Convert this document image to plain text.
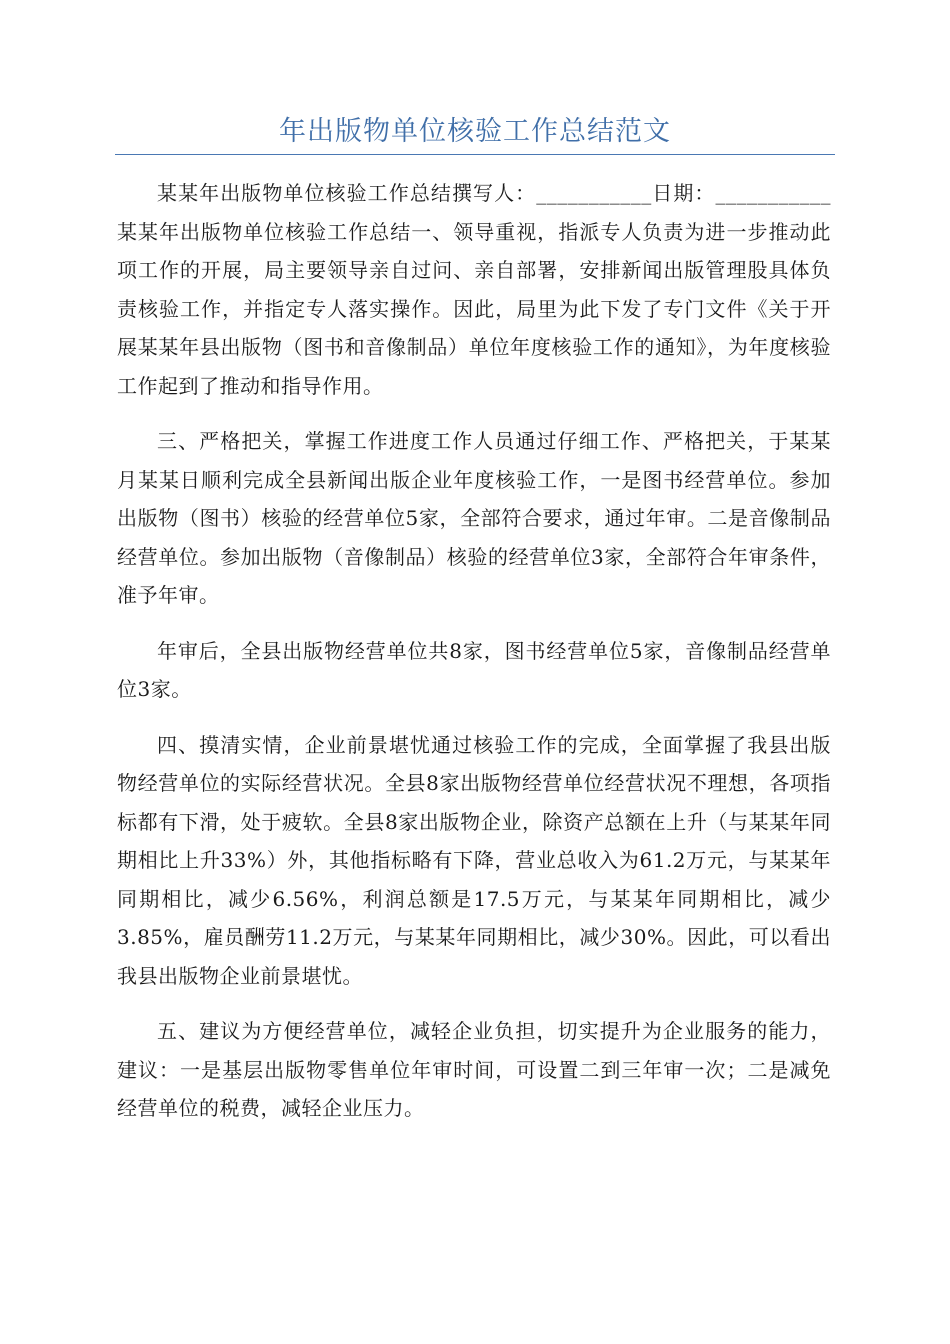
年出版物单位核验工作总结范文

某某年出版物单位核验工作总结撰写人：___________日期：___________某某年出版物单位核验工作总结一、领导重视，指派专人负责为进一步推动此项工作的开展，局主要领导亲自过问、亲自部署，安排新闻出版管理股具体负责核验工作，并指定专人落实操作。因此，局里为此下发了专门文件《关于开展某某年县出版物（图书和音像制品）单位年度核验工作的通知》，为年度核验工作起到了推动和指导作用。

三、严格把关，掌握工作进度工作人员通过仔细工作、严格把关，于某某月某某日顺利完成全县新闻出版企业年度核验工作，一是图书经营单位。参加出版物（图书）核验的经营单位5家，全部符合要求，通过年审。二是音像制品经营单位。参加出版物（音像制品）核验的经营单位3家，全部符合年审条件，准予年审。

年审后，全县出版物经营单位共8家，图书经营单位5家，音像制品经营单位3家。

四、摸清实情，企业前景堪忧通过核验工作的完成，全面掌握了我县出版物经营单位的实际经营状况。全县8家出版物经营单位经营状况不理想，各项指标都有下滑，处于疲软。全县8家出版物企业，除资产总额在上升（与某某年同期相比上升33%）外，其他指标略有下降，营业总收入为61.2万元，与某某年同期相比，减少6.56%，利润总额是17.5万元，与某某年同期相比，减少3.85%，雇员酬劳11.2万元，与某某年同期相比，减少30%。因此，可以看出我县出版物企业前景堪忧。

五、建议为方便经营单位，减轻企业负担，切实提升为企业服务的能力，建议：一是基层出版物零售单位年审时间，可设置二到三年审一次；二是减免经营单位的税费，减轻企业压力。
